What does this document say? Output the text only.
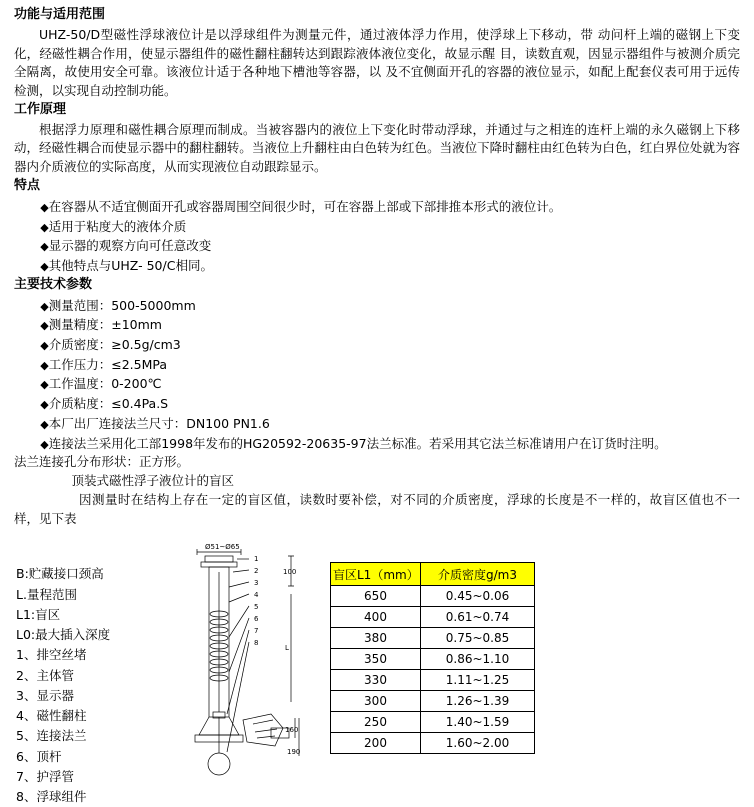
功能与适用范围

UHZ-50/D型磁性浮球液位计是以浮球组件为测量元件，通过液体浮力作用，使浮球上下移动，带 动问杆上端的磁钢上下变化，经磁性耦合作用，使显示器组件的磁性翻柱翻转达到跟踪液体液位变化，故显示醒 目，读数直观，因显示器组件与被测介质完全隔离，故使用安全可靠。该液位计适于各种地下槽池等容器，以 及不宜侧面开孔的容器的液位显示，如配上配套仪表可用于远传检测，以实现自动控制功能。

工作原理

根据浮力原理和磁性耦合原理而制成。当被容器内的液位上下变化时带动浮球，并通过与之相连的连杆上端的永久磁钢上下移动，经磁性耦合而使显示器中的翻柱翻转。当液位上升翻柱由白色转为红色。当液位下降时翻柱由红色转为白色，红白界位处就为容器内介质液位的实际高度，从而实现液位自动跟踪显示。

特点
◆在容器从不适宜侧面开孔或容器周围空间很少时，可在容器上部或下部排推本形式的液位计。
◆适用于粘度大的液体介质
◆显示器的观察方向可任意改变
◆其他特点与UHZ- 50/C相同。
主要技术参数
◆测量范围：500-5000mm
◆测量精度：±10mm
◆介质密度：≥0.5g/cm3
◆工作压力：≤2.5MPa
◆工作温度：0-200℃
◆介质粘度：≤0.4Pa.S
◆本厂出厂连接法兰尺寸：DN100 PN1.6
◆连接法兰采用化工部1998年发布的HG20592-20635-97法兰标准。若采用其它法兰标准请用户在订货时注明。

法兰连接孔分布形状：正方形。

顶装式磁性浮子液位计的盲区

因测量时在结构上存在一定的盲区值，读数时要补偿，对不同的介质密度，浮球的长度是不一样的，故盲区值也不一样，见下表

B:贮藏接口颈高
L.量程范围
L1:盲区
L0:最大插入深度
1、排空丝堵
2、主体管
3、显示器
4、磁性翻柱
5、连接法兰
6、顶杆
7、护浮管
8、浮球组件
Ø51~Ø65
1
2
3
4
5
6
7
8
100
L
160
190
盲区L1（mm）	介质密度g/m3
650	0.45~0.06
400	0.61~0.74
380	0.75~0.85
350	0.86~1.10
330	1.11~1.25
300	1.26~1.39
250	1.40~1.59
200	1.60~2.00
